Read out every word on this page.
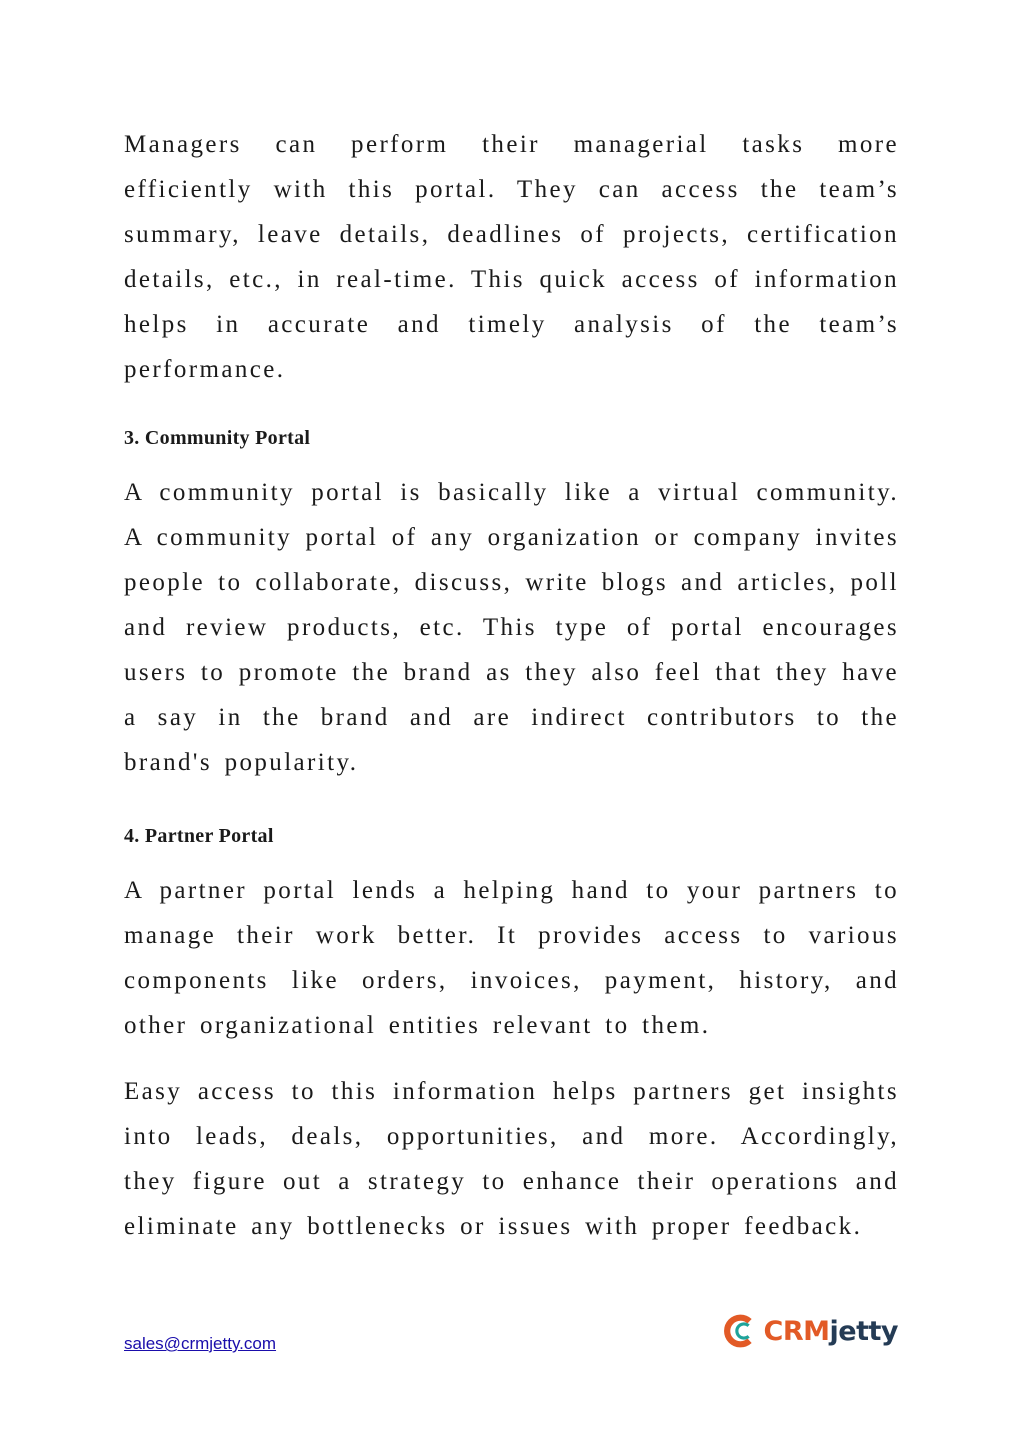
Managers can perform their managerial tasks more efficiently with this portal. They can access the team’s summary, leave details, deadlines of projects, certification details, etc., in real-time. This quick access of information helps in accurate and timely analysis of the team’s performance.

3. Community Portal

A community portal is basically like a virtual community. A community portal of any organization or company invites people to collaborate, discuss, write blogs and articles, poll and review products, etc. This type of portal encourages users to promote the brand as they also feel that they have a say in the brand and are indirect contributors to the brand's popularity.

4. Partner Portal

A partner portal lends a helping hand to your partners to manage their work better. It provides access to various components like orders, invoices, payment, history, and other organizational entities relevant to them.

Easy access to this information helps partners get insights into leads, deals, opportunities, and more. Accordingly, they figure out a strategy to enhance their operations and eliminate any bottlenecks or issues with proper feedback.

sales@crmjetty.com	CRMjetty
